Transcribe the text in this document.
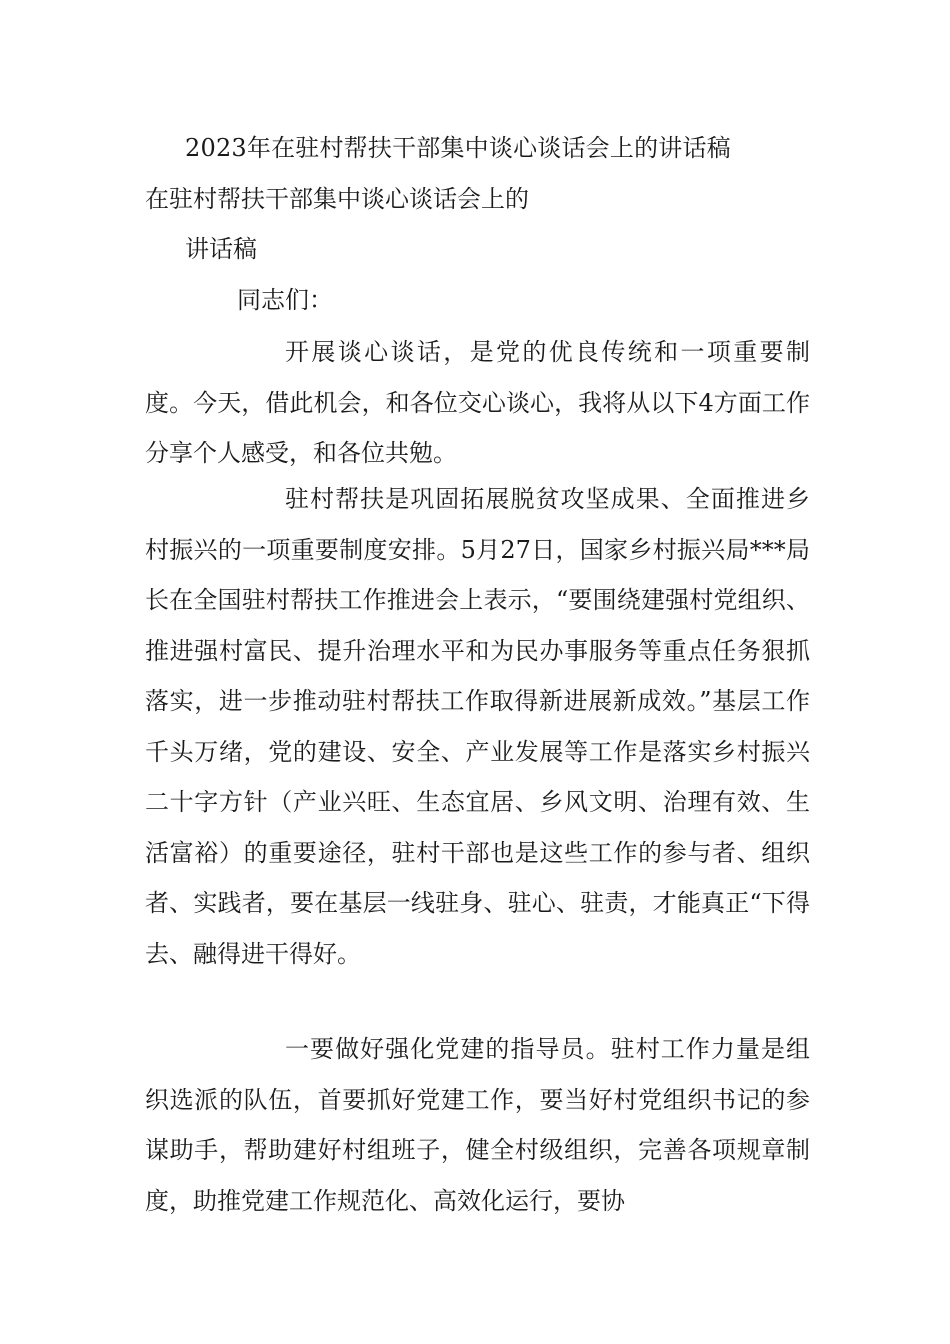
2023年在驻村帮扶干部集中谈心谈话会上的讲话稿
在驻村帮扶干部集中谈心谈话会上的
讲话稿
同志们：

开展谈心谈话，是党的优良传统和一项重要制度。今天，借此机会，和各位交心谈心，我将从以下4方面工作分享个人感受，和各位共勉。

驻村帮扶是巩固拓展脱贫攻坚成果、全面推进乡村振兴的一项重要制度安排。5月27日，国家乡村振兴局***局长在全国驻村帮扶工作推进会上表示，“要围绕建强村党组织、推进强村富民、提升治理水平和为民办事服务等重点任务狠抓落实，进一步推动驻村帮扶工作取得新进展新成效。”基层工作千头万绪，党的建设、安全、产业发展等工作是落实乡村振兴二十字方针（产业兴旺、生态宜居、乡风文明、治理有效、生活富裕）的重要途径，驻村干部也是这些工作的参与者、组织者、实践者，要在基层一线驻身、驻心、驻责，才能真正“下得去、融得进干得好。

一要做好强化党建的指导员。驻村工作力量是组织选派的队伍，首要抓好党建工作，要当好村党组织书记的参谋助手，帮助建好村组班子，健全村级组织，完善各项规章制度，助推党建工作规范化、高效化运行，要协
